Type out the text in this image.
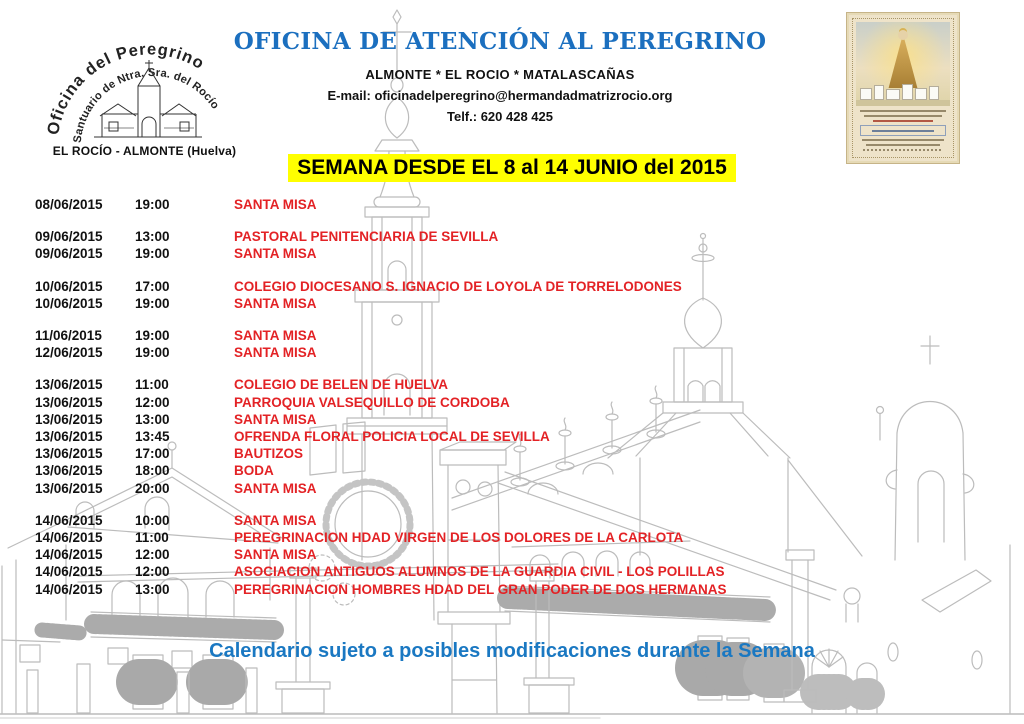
Oficina del Peregrino
Santuario de Ntra. Sra. del Rocío
EL ROCÍO - ALMONTE (Huelva)
OFICINA DE ATENCIÓN AL PEREGRINO
ALMONTE * EL ROCIO * MATALASCAÑAS
E-mail: oficinadelperegrino@hermandadmatrizrocio.org
Telf.: 620 428 425
SEMANA DESDE EL 8 al 14 JUNIO del 2015
08/06/2015	19:00	SANTA MISA
09/06/2015	13:00	PASTORAL PENITENCIARIA DE SEVILLA
09/06/2015	19:00	SANTA MISA
10/06/2015	17:00	COLEGIO DIOCESANO S. IGNACIO DE LOYOLA DE TORRELODONES
10/06/2015	19:00	SANTA MISA
11/06/2015	19:00	SANTA MISA
12/06/2015	19:00	SANTA MISA
13/06/2015	11:00	COLEGIO DE BELEN DE HUELVA
13/06/2015	12:00	PARROQUIA VALSEQUILLO DE CORDOBA
13/06/2015	13:00	SANTA MISA
13/06/2015	13:45	OFRENDA FLORAL POLICIA LOCAL DE SEVILLA
13/06/2015	17:00	BAUTIZOS
13/06/2015	18:00	BODA
13/06/2015	20:00	SANTA MISA
14/06/2015	10:00	SANTA MISA
14/06/2015	11:00	PEREGRINACION HDAD VIRGEN DE LOS DOLORES DE LA CARLOTA
14/06/2015	12:00	SANTA MISA
14/06/2015	12:00	ASOCIACION ANTIGUOS ALUMNOS DE LA GUARDIA CIVIL - LOS POLILLAS
14/06/2015	13:00	PEREGRINACION HOMBRES HDAD DEL GRAN PODER DE DOS HERMANAS
Calendario sujeto a posibles modificaciones durante la Semana
